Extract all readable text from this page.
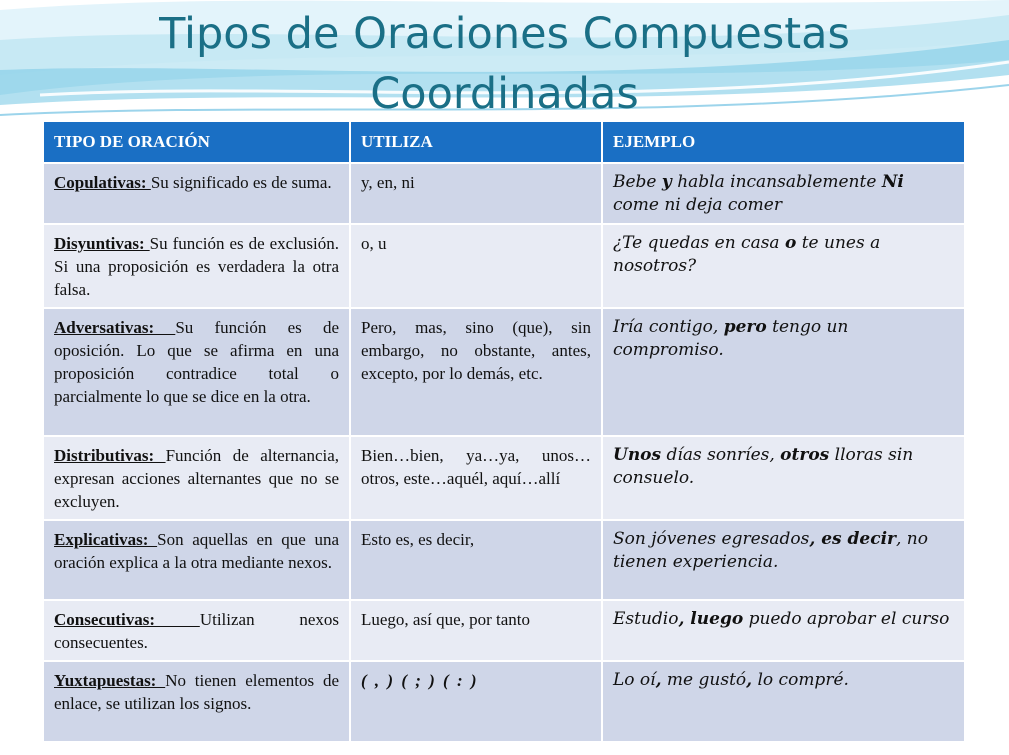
Tipos de Oraciones Compuestas
Coordinadas
TIPO DE ORACIÓN	UTILIZA	EJEMPLO
Copulativas: Su significado es de suma.	y, en, ni	Bebe y habla incansablemente Ni come ni deja comer
Disyuntivas: Su función es de exclusión. Si una proposición es verdadera la otra falsa.	o, u	¿Te quedas en casa o te unes a nosotros?
Adversativas: Su función es de oposición. Lo que se afirma en una proposición contradice total o parcialmente lo que se dice en la otra.	Pero, mas, sino (que), sin embargo, no obstante, antes, excepto, por lo demás, etc.	Iría contigo, pero tengo un compromiso.
Distributivas: Función de alternancia, expresan acciones alternantes que no se excluyen.	Bien…bien, ya…ya, unos…otros, este…aquél, aquí…allí	Unos días sonríes, otros lloras sin consuelo.
Explicativas: Son aquellas en que una oración explica a la otra mediante nexos.	Esto es, es decir,	Son jóvenes egresados, es decir, no tienen experiencia.
Consecutivas: Utilizan nexos consecuentes.	Luego, así que, por tanto	Estudio, luego puedo aprobar el curso
Yuxtapuestas: No tienen elementos de enlace, se utilizan los signos.	( , ) ( ; ) ( : )	Lo oí, me gustó, lo compré.
